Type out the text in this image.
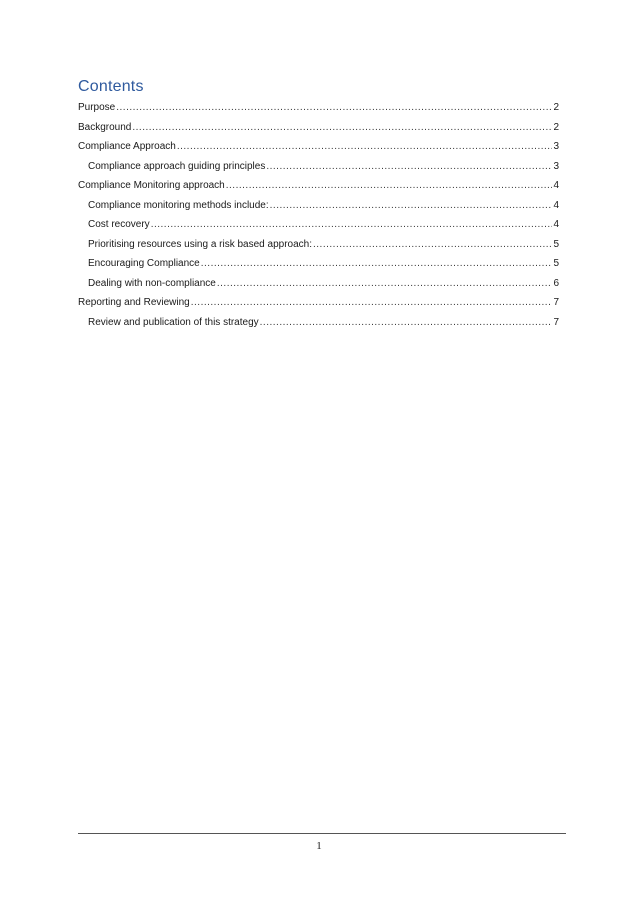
Contents
Purpose .....	2
Background .....	2
Compliance Approach .....	3
Compliance approach guiding principles .....	3
Compliance Monitoring approach .....	4
Compliance monitoring methods include: .....	4
Cost recovery .....	4
Prioritising resources using a risk based approach: .....	5
Encouraging Compliance .....	5
Dealing with non-compliance .....	6
Reporting and Reviewing .....	7
Review and publication of this strategy .....	7
1
